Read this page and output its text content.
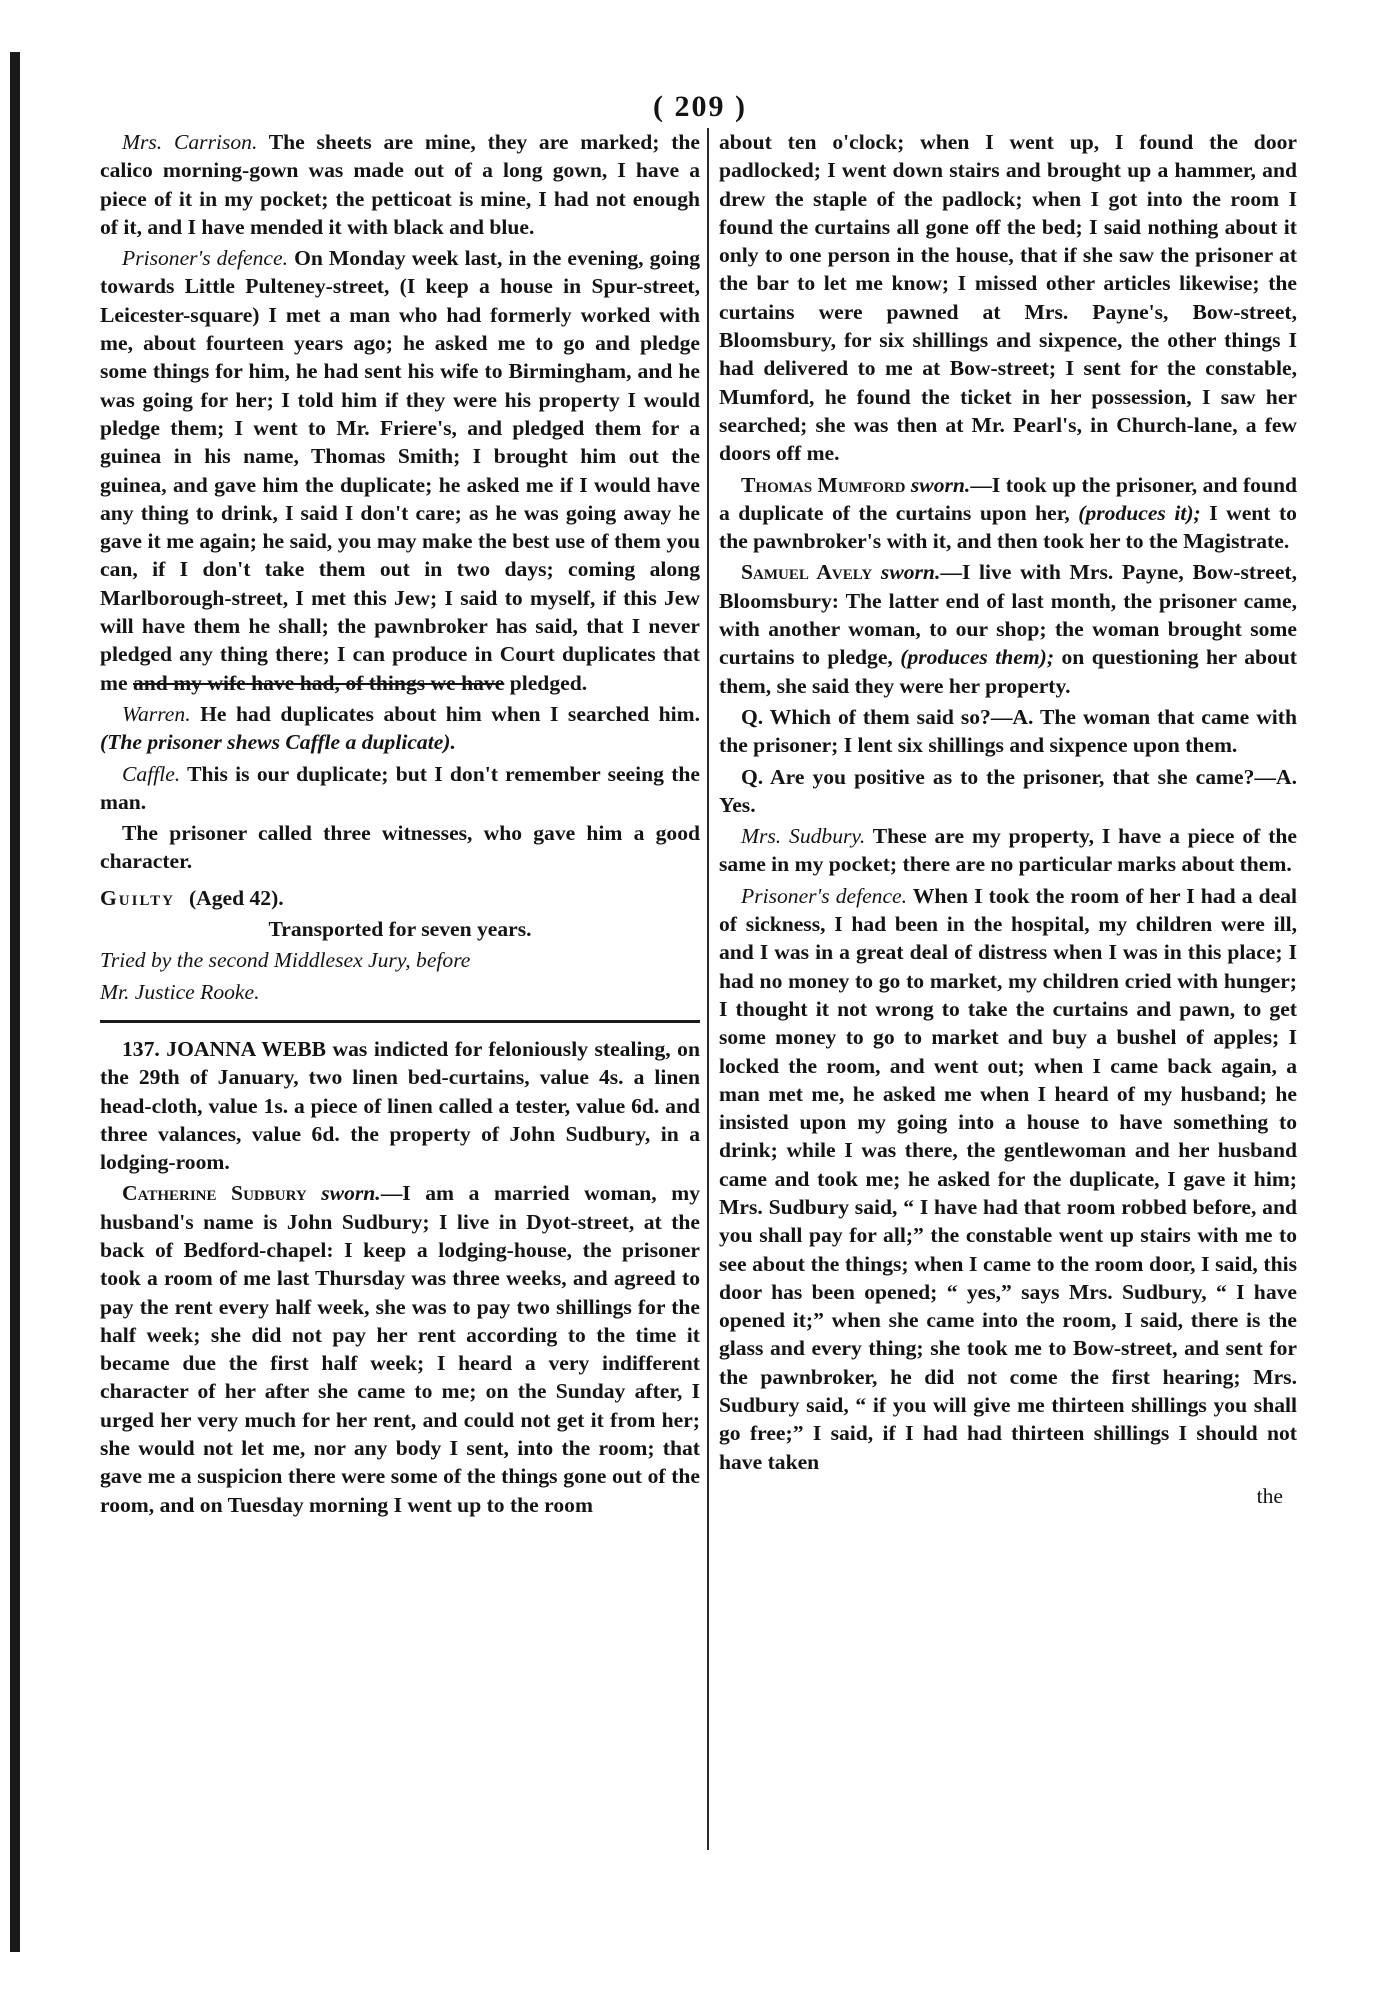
( 209 )

Mrs. Carrison. The sheets are mine, they are marked; the calico morning-gown was made out of a long gown, I have a piece of it in my pocket; the petticoat is mine, I had not enough of it, and I have mended it with black and blue.

Prisoner's defence. On Monday week last, in the evening, going towards Little Pulteney-street, (I keep a house in Spur-street, Leicester-square) I met a man who had formerly worked with me, about fourteen years ago; he asked me to go and pledge some things for him, he had sent his wife to Birmingham, and he was going for her; I told him if they were his property I would pledge them; I went to Mr. Friere's, and pledged them for a guinea in his name, Thomas Smith; I brought him out the guinea, and gave him the duplicate; he asked me if I would have any thing to drink, I said I don't care; as he was going away he gave it me again; he said, you may make the best use of them you can, if I don't take them out in two days; coming along Marlborough-street, I met this Jew; I said to myself, if this Jew will have them he shall; the pawnbroker has said, that I never pledged any thing there; I can produce in Court duplicates that me and my wife have had, of things we have pledged.

Warren. He had duplicates about him when I searched him. (The prisoner shews Caffle a duplicate).

Caffle. This is our duplicate; but I don't remember seeing the man.

The prisoner called three witnesses, who gave him a good character.

Guilty (Aged 42).

Transported for seven years.

Tried by the second Middlesex Jury, before

Mr. Justice Rooke.

137. JOANNA WEBB was indicted for feloniously stealing, on the 29th of January, two linen bed-curtains, value 4s. a linen head-cloth, value 1s. a piece of linen called a tester, value 6d. and three valances, value 6d. the property of John Sudbury, in a lodging-room.

Catherine Sudbury sworn.—I am a married woman, my husband's name is John Sudbury; I live in Dyot-street, at the back of Bedford-chapel: I keep a lodging-house, the prisoner took a room of me last Thursday was three weeks, and agreed to pay the rent every half week, she was to pay two shillings for the half week; she did not pay her rent according to the time it became due the first half week; I heard a very indifferent character of her after she came to me; on the Sunday after, I urged her very much for her rent, and could not get it from her; she would not let me, nor any body I sent, into the room; that gave me a suspicion there were some of the things gone out of the room, and on Tuesday morning I went up to the room

about ten o'clock; when I went up, I found the door padlocked; I went down stairs and brought up a hammer, and drew the staple of the padlock; when I got into the room I found the curtains all gone off the bed; I said nothing about it only to one person in the house, that if she saw the prisoner at the bar to let me know; I missed other articles likewise; the curtains were pawned at Mrs. Payne's, Bow-street, Bloomsbury, for six shillings and sixpence, the other things I had delivered to me at Bow-street; I sent for the constable, Mumford, he found the ticket in her possession, I saw her searched; she was then at Mr. Pearl's, in Church-lane, a few doors off me.

Thomas Mumford sworn.—I took up the prisoner, and found a duplicate of the curtains upon her, (produces it); I went to the pawnbroker's with it, and then took her to the Magistrate.

Samuel Avely sworn.—I live with Mrs. Payne, Bow-street, Bloomsbury: The latter end of last month, the prisoner came, with another woman, to our shop; the woman brought some curtains to pledge, (produces them); on questioning her about them, she said they were her property.

Q. Which of them said so?—A. The woman that came with the prisoner; I lent six shillings and sixpence upon them.

Q. Are you positive as to the prisoner, that she came?—A. Yes.

Mrs. Sudbury. These are my property, I have a piece of the same in my pocket; there are no particular marks about them.

Prisoner's defence. When I took the room of her I had a deal of sickness, I had been in the hospital, my children were ill, and I was in a great deal of distress when I was in this place; I had no money to go to market, my children cried with hunger; I thought it not wrong to take the curtains and pawn, to get some money to go to market and buy a bushel of apples; I locked the room, and went out; when I came back again, a man met me, he asked me when I heard of my husband; he insisted upon my going into a house to have something to drink; while I was there, the gentlewoman and her husband came and took me; he asked for the duplicate, I gave it him; Mrs. Sudbury said, “ I have had that room robbed before, and you shall pay for all;” the constable went up stairs with me to see about the things; when I came to the room door, I said, this door has been opened; “ yes,” says Mrs. Sudbury, “ I have opened it;” when she came into the room, I said, there is the glass and every thing; she took me to Bow-street, and sent for the pawnbroker, he did not come the first hearing; Mrs. Sudbury said, “ if you will give me thirteen shillings you shall go free;” I said, if I had had thirteen shillings I should not have taken

the
